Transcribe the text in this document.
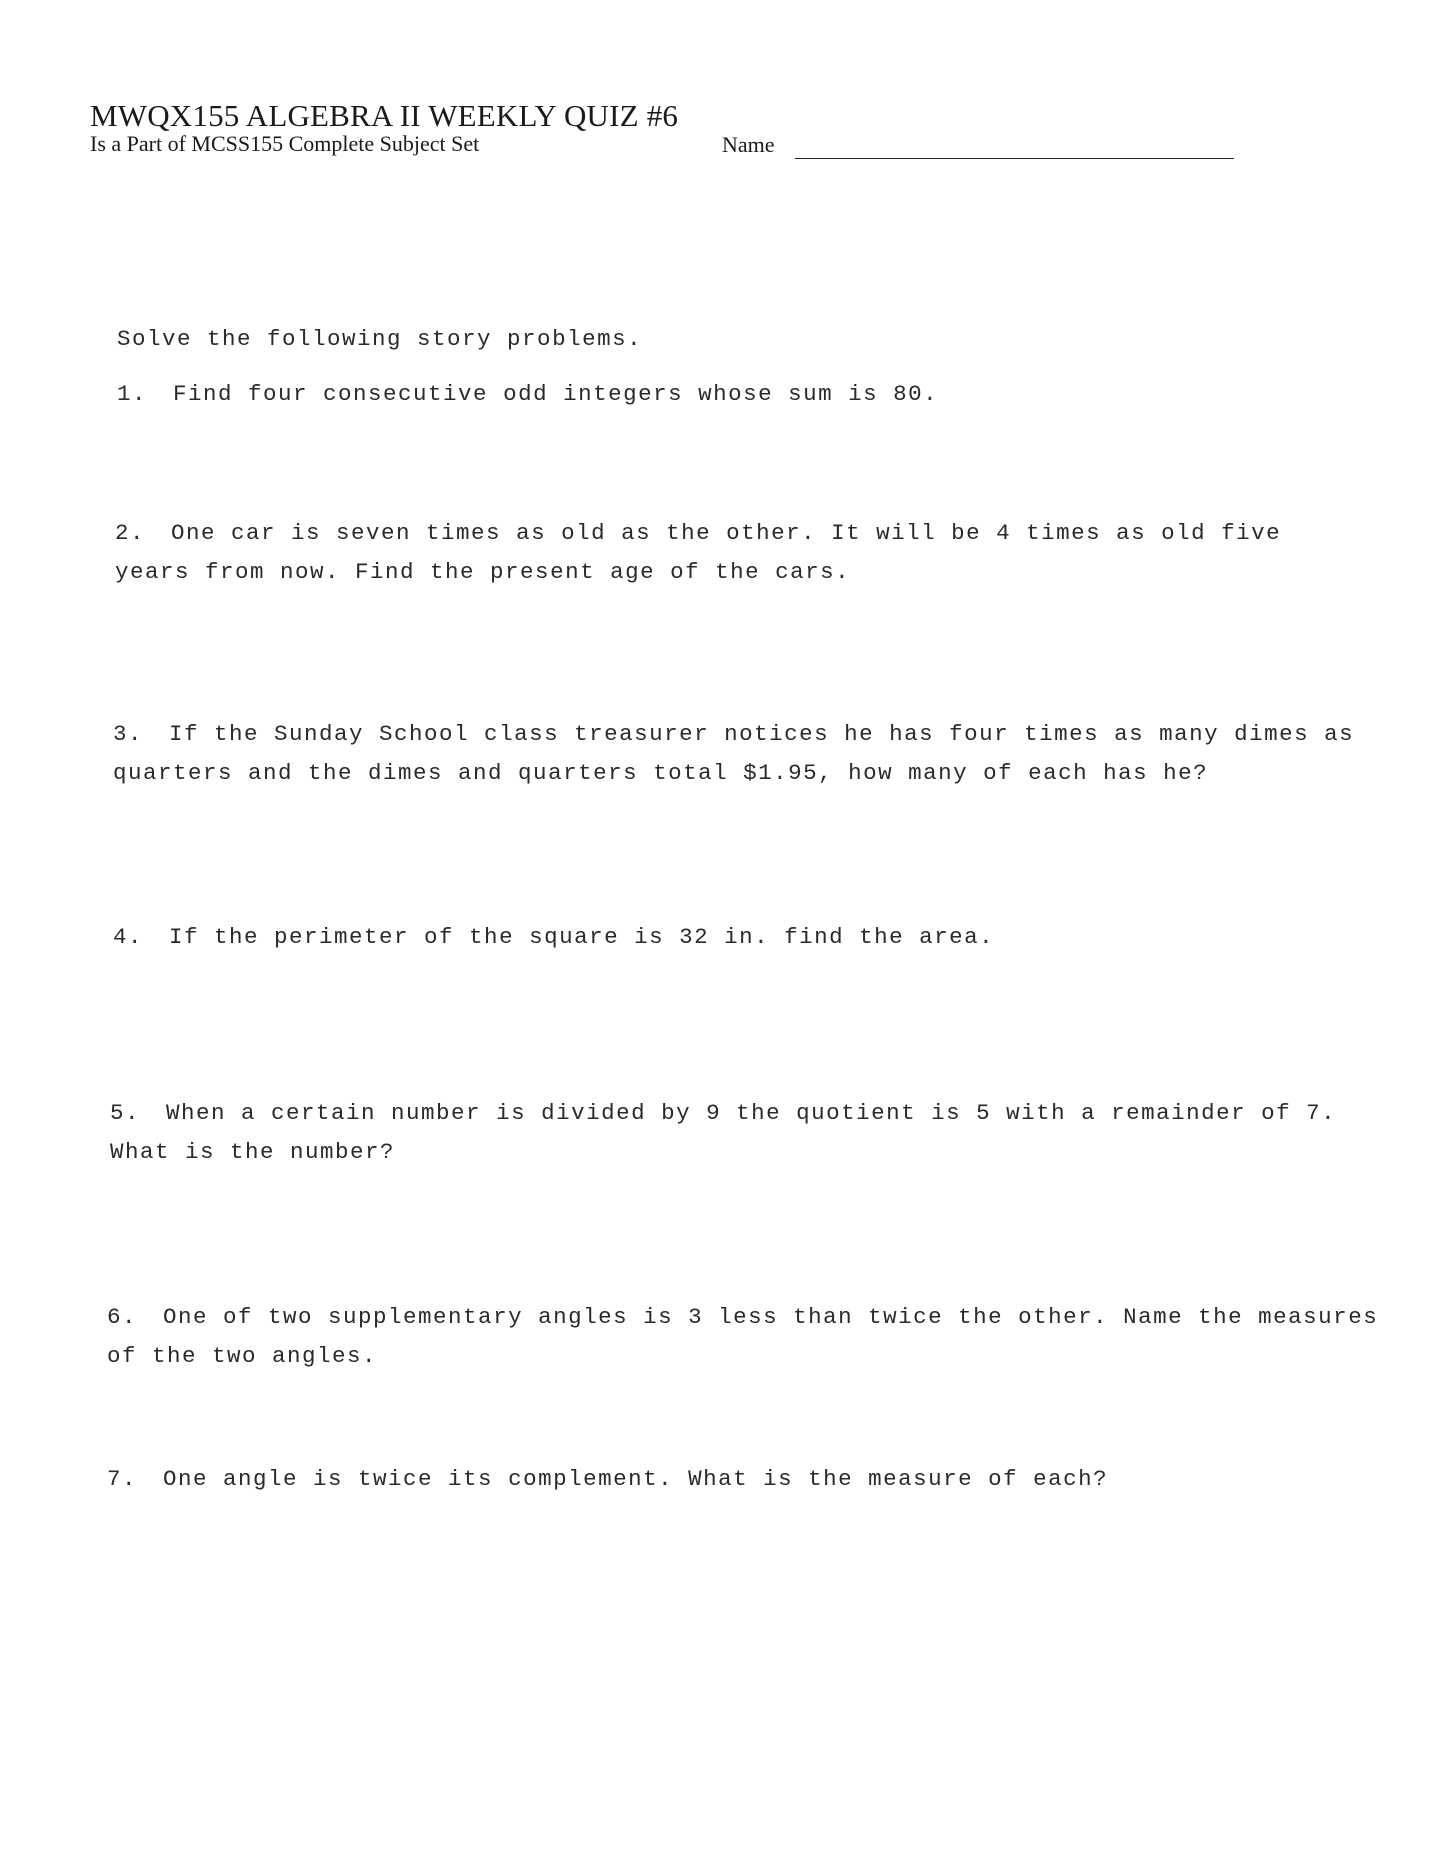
MWQX155 ALGEBRA II WEEKLY QUIZ #6
Is a Part of MCSS155 Complete Subject Set	Name
Solve the following story problems.
1. Find four consecutive odd integers whose sum is 80.
2. One car is seven times as old as the other. It will be 4 times as old five
years from now. Find the present age of the cars.
3. If the Sunday School class treasurer notices he has four times as many dimes as
quarters and the dimes and quarters total $1.95, how many of each has he?
4. If the perimeter of the square is 32 in. find the area.
5. When a certain number is divided by 9 the quotient is 5 with a remainder of 7.
What is the number?
6. One of two supplementary angles is 3 less than twice the other. Name the measures
of the two angles.
7. One angle is twice its complement. What is the measure of each?
